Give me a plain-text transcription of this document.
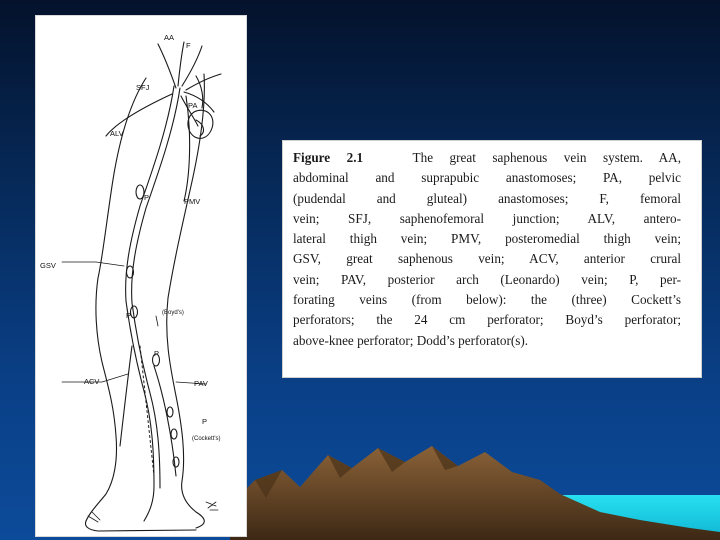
AA
F
SFJ
PA
ALV
PMV
P
GSV
P	(Boyd's)
P
ACV	PAV
P
(Cockett's)
Figure 2.1	The great saphenous vein system. AA,
abdominal and suprapubic anastomoses; PA, pelvic
(pudendal and gluteal) anastomoses; F, femoral
vein; SFJ, saphenofemoral junction; ALV, antero-
lateral thigh vein; PMV, posteromedial thigh vein;
GSV, great saphenous vein; ACV, anterior crural
vein; PAV, posterior arch (Leonardo) vein; P, per-
forating veins (from below): the (three) Cockett’s
perforators; the 24 cm perforator; Boyd’s perforator;
above-knee perforator; Dodd’s perforator(s).
